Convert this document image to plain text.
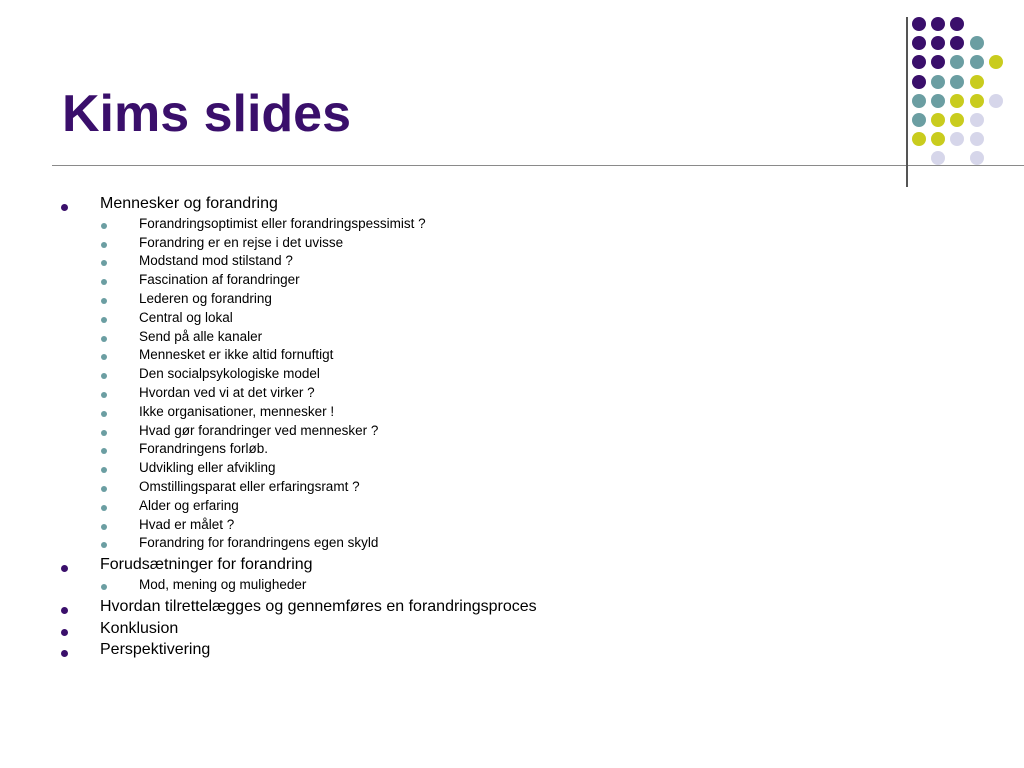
Kims slides
Mennesker og forandring
Forandringsoptimist eller forandringspessimist ?
Forandring er en rejse i det uvisse
Modstand mod stilstand ?
Fascination af forandringer
Lederen og forandring
Central og lokal
Send på alle kanaler
Mennesket er ikke altid fornuftigt
Den socialpsykologiske model
Hvordan ved vi at det virker ?
Ikke organisationer, mennesker !
Hvad gør forandringer ved mennesker ?
Forandringens forløb.
Udvikling eller afvikling
Omstillingsparat eller erfaringsramt ?
Alder og erfaring
Hvad er målet ?
Forandring for forandringens egen skyld
Forudsætninger for forandring
Mod, mening og muligheder
Hvordan tilrettelægges og gennemføres en forandringsproces
Konklusion
Perspektivering
